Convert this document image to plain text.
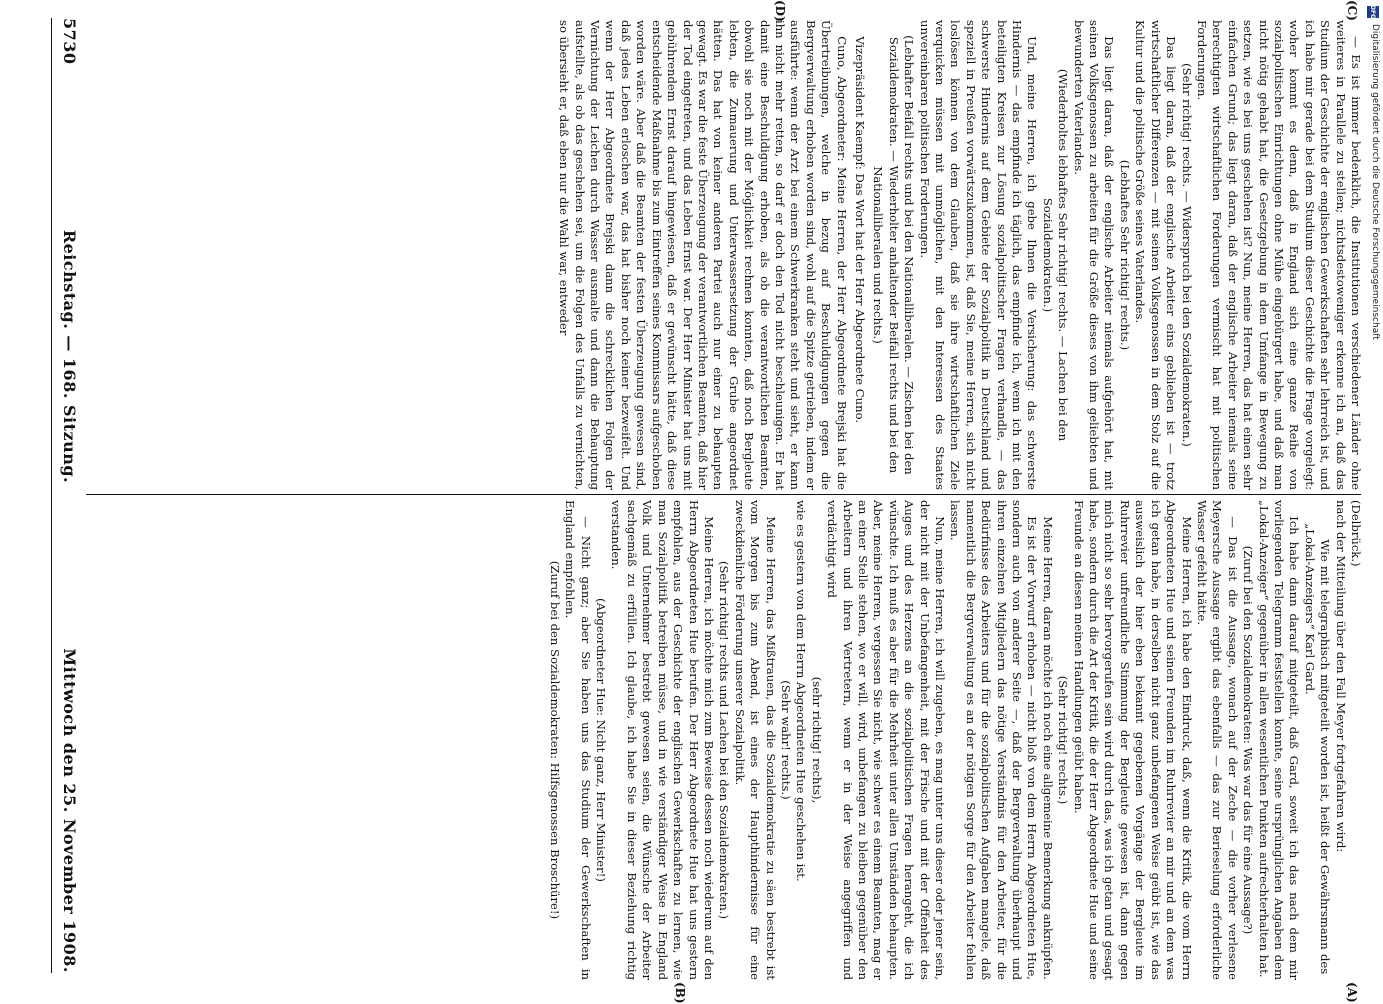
5730
Reichstag. — 168. Sitzung.
Mittwoch den 25. November 1908.
(A)
(B)
(C)
(D)

(Delbrück.)

nach der Mitteilung über den Fall Meyer fortgefahren wird:

Wie mit telegraphisch mitgeteilt worden ist, heißt der Gewährsmann des „Lokal-Anzeigers“ Karl Gard.

Ich habe dann darauf mitgeteilt, daß Gard, soweit ich das nach dem mir vorliegenden Telegramm feststellen konnte, seine ursprünglichen Angaben dem „Lokal-Anzeiger“ gegenüber in allen wesentlichen Punkten aufrechterhalten hat.

(Zuruf bei den Sozialdemokraten: Was war das für eine Aussage?)

— Das ist die Aussage, wonach auf der Zeche — die vorher verlesene Meyersche Aussage ergibt das ebenfalls — das zur Berieselung erforderliche Wasser gefehlt hätte.

Meine Herren, ich habe den Eindruck, daß, wenn die Kritik, die vom Herrn Abgeordneten Hue und seinen Freunden im Ruhrrevier an mir und an dem was ich getan habe, in derselben nicht ganz unbefangenen Weise geübt ist, wie das ausweislich der hier eben bekannt gegebenen Vorgänge der Bergleute im Ruhrrevier unfreundliche Stimmung der Bergleute gewesen ist, dann gegen mich nicht so sehr hervorgerufen sein wird durch das, was ich getan und gesagt habe, sondern durch die Art der Kritik, die der Herr Abgeordnete Hue und seine Freunde an diesen meinen Handlungen geübt haben.

(Sehr richtig! rechts.)

Meine Herren, daran möchte ich noch eine allgemeine Bemerkung anknüpfen.

Es ist der Vorwurf erhoben — nicht bloß von dem Herrn Abgeordneten Hue, sondern auch von anderer Seite —, daß der Bergverwaltung überhaupt und ihren einzelnen Mitgliedern das nötige Verständnis für den Arbeiter, für die Bedürfnisse des Arbeiters und für die sozialpolitischen Aufgaben mangele, daß namentlich die Bergverwaltung es an der nötigen Sorge für den Arbeiter fehlen lassen.

Nun, meine Herren, ich will zugeben, es mag unter uns dieser oder jener sein, der nicht mit der Unbefangenheit, mit der Frische und mit der Offenheit des Auges und des Herzens an die sozialpolitischen Fragen herangeht, die ich wünschte. Ich muß es aber für die Mehrheit unter allen Umständen behaupten. Aber, meine Herren, vergessen Sie nicht, wie schwer es einem Beamten, mag er an einer Stelle stehen, wo er will, wird, unbefangen zu bleiben gegenüber den Arbeitern und ihren Vertretern, wenn er in der Weise angegriffen und verdächtigt wird

(sehr richtig! rechts),

wie es gestern von dem Herrn Abgeordneten Hue geschehen ist.

(Sehr wahr! rechts.)

Meine Herren, das Mißtrauen, das die Sozialdemokratie zu säen bestrebt ist vom Morgen bis zum Abend, ist eines der Haupthindernisse für eine zweckdienliche Förderung unserer Sozialpolitik.

(Sehr richtig! rechts und Lachen bei den Sozialdemokraten.)

Meine Herren, ich möchte mich zum Beweise dessen noch wiederum auf den Herrn Abgeordneten Hue berufen. Der Herr Abgeordnete Hue hat uns gestern empfohlen, aus der Geschichte der englischen Gewerkschaften zu lernen, wie man Sozialpolitik betreiben müsse, und in wie verständiger Weise in England Volk und Unternehmer bestrebt gewesen seien, die Wünsche der Arbeiter sachgemäß zu erfüllen. Ich glaube, ich habe Sie in dieser Beziehung richtig verstanden.

(Abgeordneter Hue: Nicht ganz, Herr Minister!)

— Nicht ganz; aber Sie haben uns das Studium der Gewerkschaften in England empfohlen.

(Zuruf bei den Sozialdemokraten: Hilfsgenossen Broschüre!)

— Es ist immer bedenklich, die Institutionen verschiedener Länder ohne weiteres in Parallele zu stellen; nichtsdestoweniger erkenne ich an, daß das Studium der Geschichte der englischen Gewerkschaften sehr lehrreich ist, und ich habe mir gerade bei dem Studium dieser Geschichte die Frage vorgelegt: woher kommt es denn, daß in England sich eine ganze Reihe von sozialpolitischen Einrichtungen ohne Mühe eingebürgert habe, und daß man nicht nötig gehabt hat, die Gesetzgebung in dem Umfange in Bewegung zu setzen, wie es bei uns geschehen ist? Nun, meine Herren, das hat einen sehr einfachen Grund; das liegt daran, daß der englische Arbeiter niemals seine berechtigten wirtschaftlichen Forderungen vermischt hat mit politischen Forderungen.

(Sehr richtig! rechts. — Widerspruch bei den Sozialdemokraten.)

Das liegt daran, daß der englische Arbeiter eins geblieben ist — trotz wirtschaftlicher Differenzen — mit seinen Volksgenossen in dem Stolz auf die Kultur und die politische Größe seines Vaterlandes.

(Lebhaftes Sehr richtig! rechts.)

Das liegt daran, daß der englische Arbeiter niemals aufgehört hat, mit seinen Volksgenossen zu arbeiten für die Größe dieses von ihm geliebten und bewunderten Vaterlandes.

(Wiederholtes lebhaftes Sehr richtig! rechts. — Lachen bei den Sozialdemokraten.)

Und, meine Herren, ich gebe Ihnen die Versicherung: das schwerste Hindernis — das empfinde ich täglich, das empfinde ich, wenn ich mit den beteiligten Kreisen zur Lösung sozialpolitischer Fragen verhandle, — das schwerste Hindernis auf dem Gebiete der Sozialpolitik in Deutschland und speziell in Preußen vorwärtszukommen, ist, daß Sie, meine Herren, sich nicht loslösen können von dem Glauben, daß sie ihre wirtschaftlichen Ziele verquicken müssen mit unmöglichen, mit den Interessen des Staates unvereinbaren politischen Forderungen.

(Lebhafter Beifall rechts und bei den Nationalliberalen. — Zischen bei den Sozialdemokraten. — Wiederholter anhaltender Beifall rechts und bei den Nationalliberalen und rechts.)

Vizepräsident Kaempf: Das Wort hat der Herr Abgeordnete Cuno.

Cuno, Abgeordneter: Meine Herren, der Herr Abgeordnete Brejski hat die Übertreibungen, welche in bezug auf Beschuldigungen gegen die Bergverwaltung erhoben worden sind, wohl auf die Spitze getrieben, indem er ausführte: wenn der Arzt bei einem Schwerkranken steht und sieht, er kann ihn nicht mehr retten, so darf er doch den Tod nicht beschleunigen. Er hat damit eine Beschuldigung erhoben, als ob die verantwortlichen Beamten, obwohl sie noch mit der Möglichkeit rechnen konnten, daß noch Bergleute lebten, die Zumauerung und Unterwassersetzung der Grube angeordnet hätten. Das hat von keiner anderen Partei auch nur einer zu behaupten gewagt. Es war die feste Überzeugung der verantwortlichen Beamten, daß hier der Tod eingetreten, und das Leben Ernst war. Der Herr Minister hat uns mit gebührendem Ernst darauf hingewiesen, daß er gewünscht hätte, daß diese entscheidende Maßnahme bis zum Eintreffen seines Kommissars aufgeschoben worden wäre. Aber daß die Beamten der festen Überzeugung gewesen sind, daß jedes Leben erloschen war, das hat bisher noch keiner bezweifelt. Und wenn der Herr Abgeordnete Brejski dann die schrecklichen Folgen der Vernichtung der Leichen durch Wasser ausmalte und dann die Behauptung aufstellte, als ob das geschehen sei, um die Folgen des Unfalls zu vernichten, so übersieht er, daß eben nur die Wahl war, entweder

DFG
Digitalisierung gefördert durch die Deutsche Forschungsgemeinschaft
